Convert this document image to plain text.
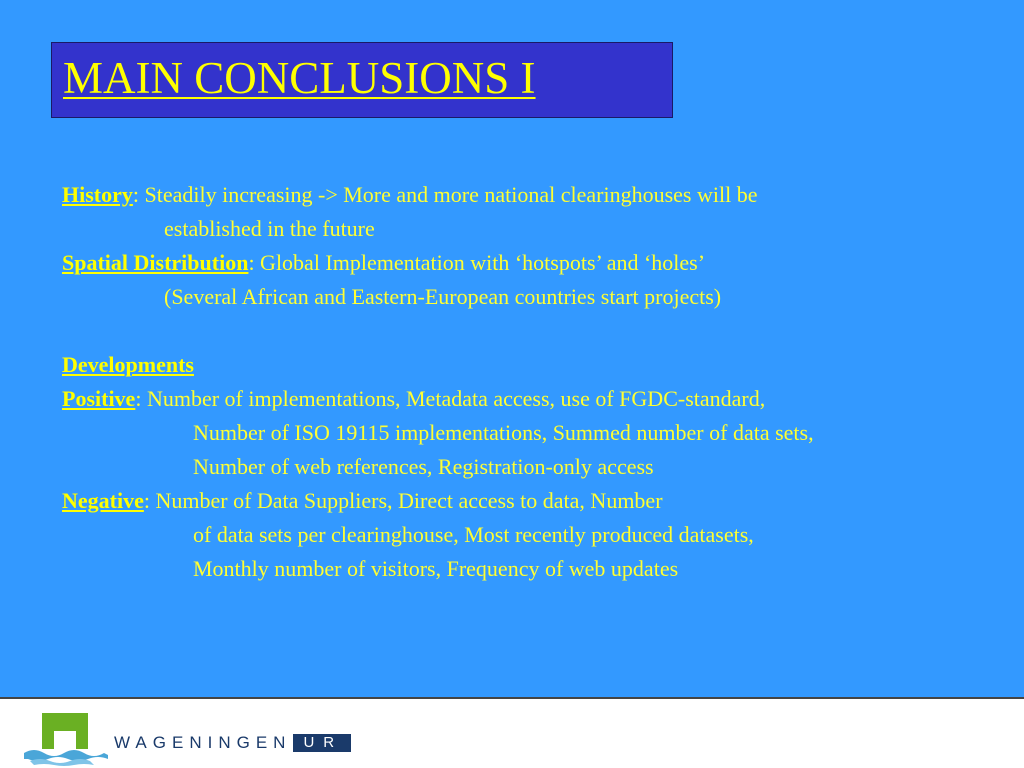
MAIN CONCLUSIONS I
History: Steadily increasing -> More and more national clearinghouses will be
established in the future
Spatial Distribution: Global Implementation with ‘hotspots’ and ‘holes’
(Several African and Eastern-European countries start projects)
Developments
Positive: Number of implementations, Metadata access, use of FGDC-standard,
Number of ISO 19115 implementations, Summed number of data sets,
Number of web references, Registration-only access
Negative: Number of Data Suppliers, Direct access to data, Number
of data sets per clearinghouse, Most recently produced datasets,
Monthly number of visitors, Frequency of web updates
WAGENINGEN UR
